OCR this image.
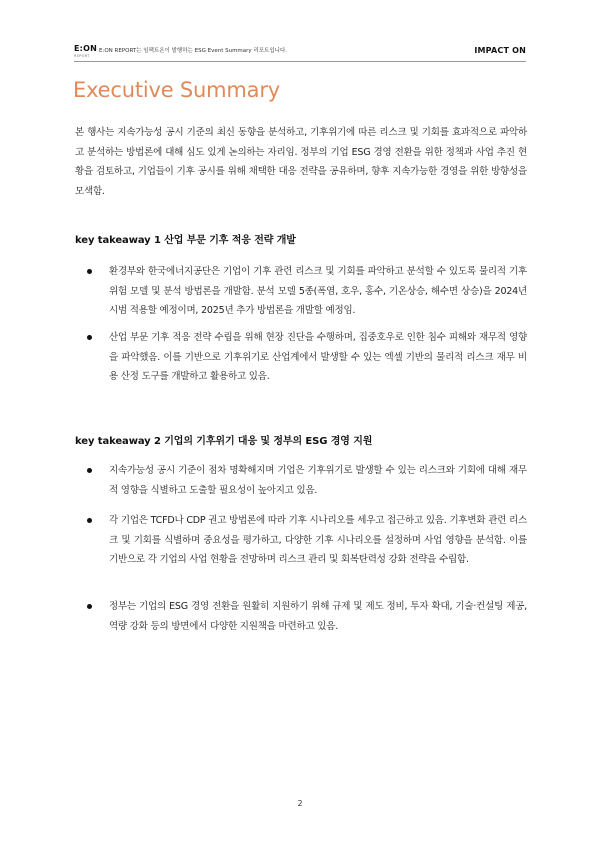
E:ON
REPORT
E:ON REPORT는 임팩트온이 발행하는 ESG Event Summary 리포트입니다.	IMPACT ON
Executive Summary
본 행사는 지속가능성 공시 기준의 최신 동향을 분석하고, 기후위기에 따른 리스크 및 기회를 효과적으로 파악하고 분석하는 방법론에 대해 심도 있게 논의하는 자리임. 정부의 기업 ESG 경영 전환을 위한 정책과 사업 추진 현황을 검토하고, 기업들이 기후 공시를 위해 채택한 대응 전략을 공유하며, 향후 지속가능한 경영을 위한 방향성을 모색함.
key takeaway 1 산업 부문 기후 적응 전략 개발
환경부와 한국에너지공단은 기업이 기후 관련 리스크 및 기회를 파악하고 분석할 수 있도록 물리적 기후 위험 모델 및 분석 방법론을 개발함. 분석 모델 5종(폭염, 호우, 홍수, 기온상승, 해수면 상승)을 2024년 시범 적용할 예정이며, 2025년 추가 방법론을 개발할 예정임.
산업 부문 기후 적응 전략 수립을 위해 현장 진단을 수행하며, 집중호우로 인한 침수 피해와 재무적 영향을 파악했음. 이를 기반으로 기후위기로 산업계에서 발생할 수 있는 엑셀 기반의 물리적 리스크 재무 비용 산정 도구를 개발하고 활용하고 있음.
key takeaway 2 기업의 기후위기 대응 및 정부의 ESG 경영 지원
지속가능성 공시 기준이 점차 명확해지며 기업은 기후위기로 발생할 수 있는 리스크와 기회에 대해 재무적 영향을 식별하고 도출할 필요성이 높아지고 있음.
각 기업은 TCFD나 CDP 권고 방법론에 따라 기후 시나리오를 세우고 접근하고 있음. 기후변화 관련 리스크 및 기회를 식별하며 중요성을 평가하고, 다양한 기후 시나리오를 설정하며 사업 영향을 분석함. 이를 기반으로 각 기업의 사업 현황을 전망하며 리스크 관리 및 회복탄력성 강화 전략을 수립함.
정부는 기업의 ESG 경영 전환을 원활히 지원하기 위해 규제 및 제도 정비, 투자 확대, 기술·컨설팅 제공, 역량 강화 등의 방면에서 다양한 지원책을 마련하고 있음.
2
